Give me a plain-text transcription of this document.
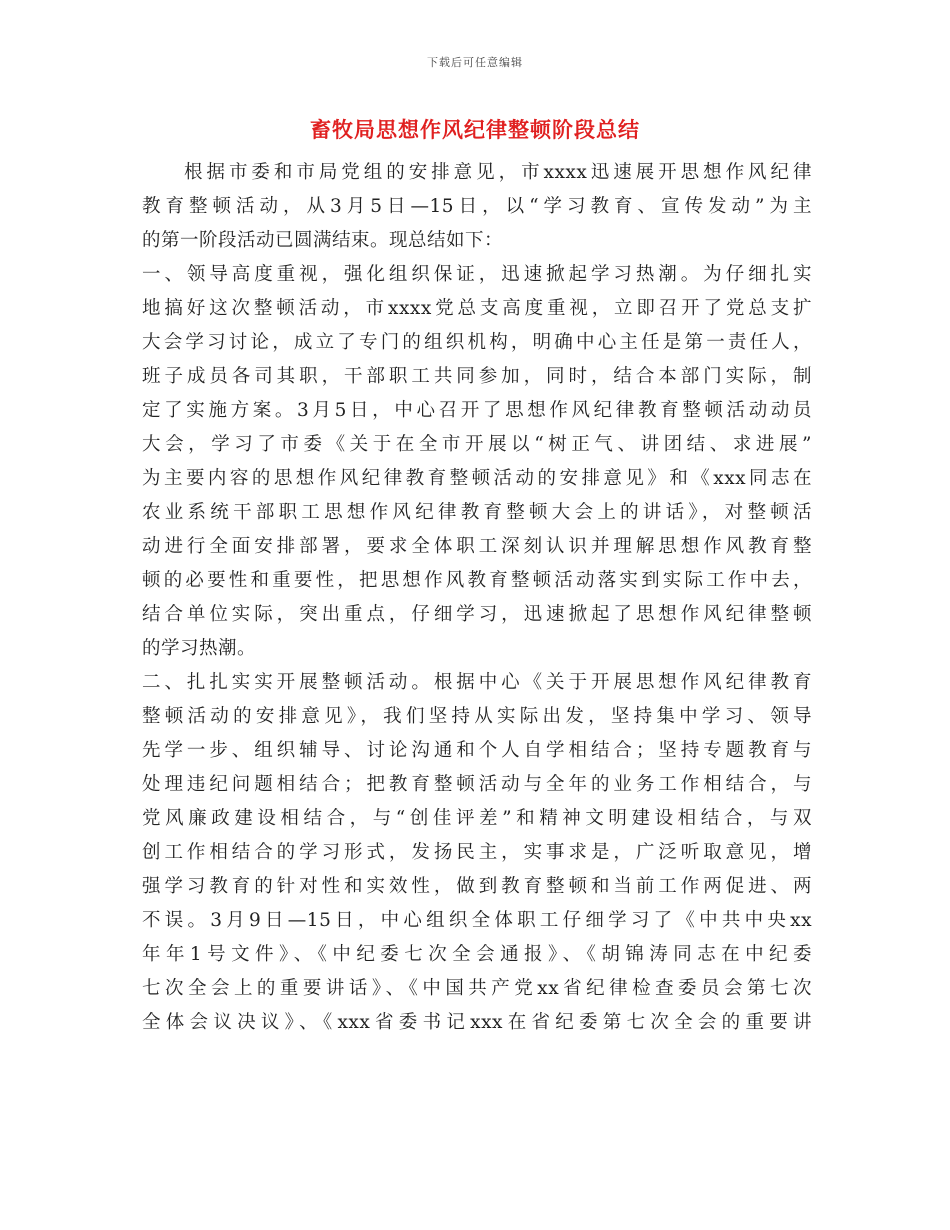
下载后可任意编辑
畜牧局思想作风纪律整顿阶段总结
根据市委和市局党组的安排意见，市xxxx迅速展开思想作风纪律
教育整顿活动，从3月5日—15日，以“学习教育、宣传发动”为主
的第一阶段活动已圆满结束。现总结如下：
一、领导高度重视，强化组织保证，迅速掀起学习热潮。为仔细扎实
地搞好这次整顿活动，市xxxx党总支高度重视，立即召开了党总支扩
大会学习讨论，成立了专门的组织机构，明确中心主任是第一责任人，
班子成员各司其职，干部职工共同参加，同时，结合本部门实际，制
定了实施方案。3月5日，中心召开了思想作风纪律教育整顿活动动员
大会，学习了市委《关于在全市开展以“树正气、讲团结、求进展”
为主要内容的思想作风纪律教育整顿活动的安排意见》和《xxx同志在
农业系统干部职工思想作风纪律教育整顿大会上的讲话》，对整顿活
动进行全面安排部署，要求全体职工深刻认识并理解思想作风教育整
顿的必要性和重要性，把思想作风教育整顿活动落实到实际工作中去，
结合单位实际，突出重点，仔细学习，迅速掀起了思想作风纪律整顿
的学习热潮。
二、扎扎实实开展整顿活动。根据中心《关于开展思想作风纪律教育
整顿活动的安排意见》，我们坚持从实际出发，坚持集中学习、领导
先学一步、组织辅导、讨论沟通和个人自学相结合；坚持专题教育与
处理违纪问题相结合；把教育整顿活动与全年的业务工作相结合，与
党风廉政建设相结合，与“创佳评差”和精神文明建设相结合，与双
创工作相结合的学习形式，发扬民主，实事求是，广泛听取意见，增
强学习教育的针对性和实效性，做到教育整顿和当前工作两促进、两
不误。3月9日—15日，中心组织全体职工仔细学习了《中共中央xx
年年1号文件》、《中纪委七次全会通报》、《胡锦涛同志在中纪委
七次全会上的重要讲话》、《中国共产党xx省纪律检查委员会第七次
全体会议决议》、《xxx省委书记xxx在省纪委第七次全会的重要讲
